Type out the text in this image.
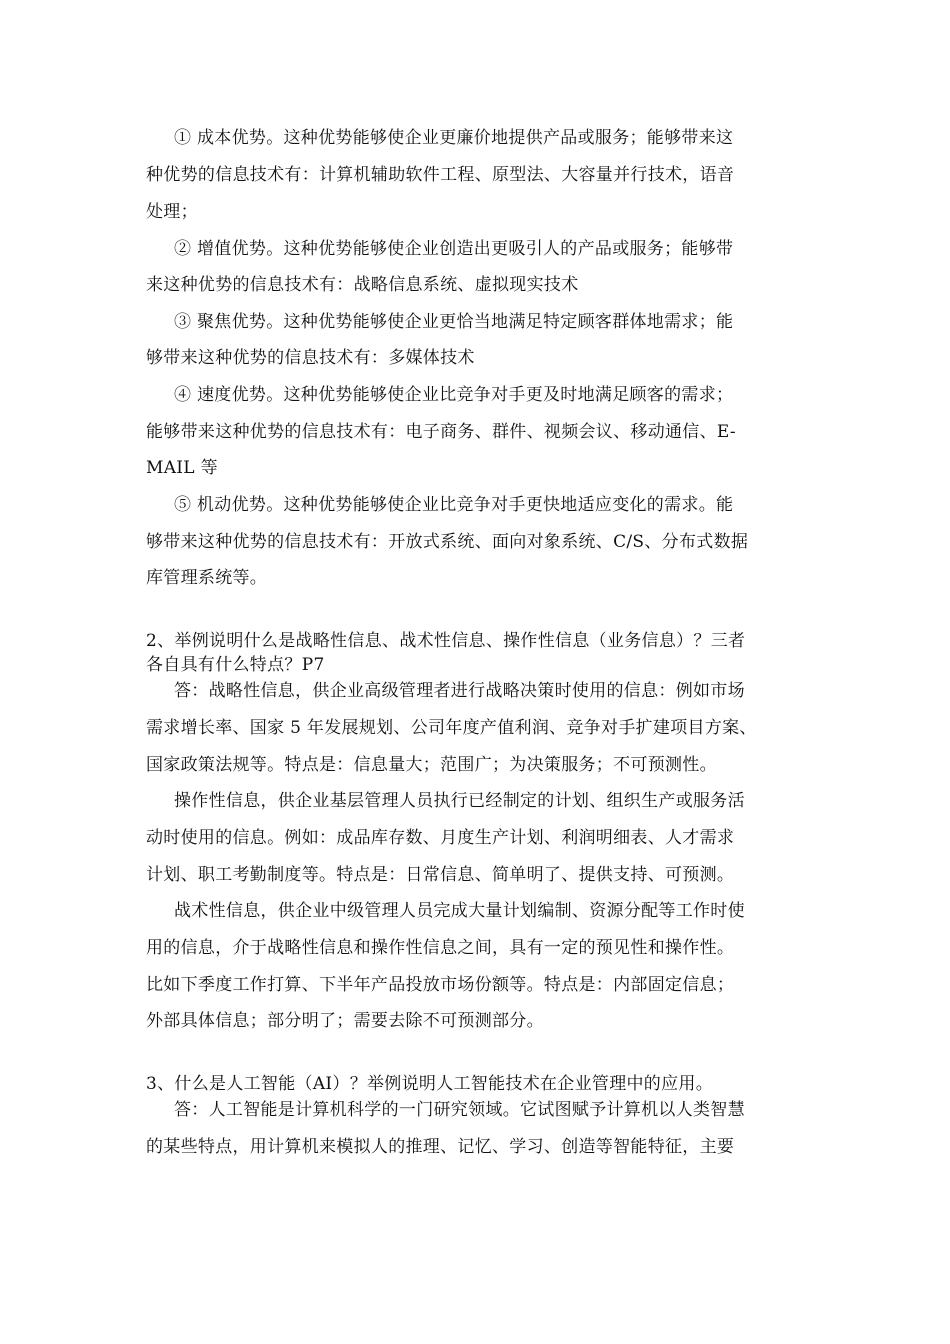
① 成本优势。这种优势能够使企业更廉价地提供产品或服务；能够带来这
种优势的信息技术有：计算机辅助软件工程、原型法、大容量并行技术，语音
处理；
② 增值优势。这种优势能够使企业创造出更吸引人的产品或服务；能够带
来这种优势的信息技术有：战略信息系统、虚拟现实技术
③ 聚焦优势。这种优势能够使企业更恰当地满足特定顾客群体地需求；能
够带来这种优势的信息技术有：多媒体技术
④ 速度优势。这种优势能够使企业比竞争对手更及时地满足顾客的需求；
能够带来这种优势的信息技术有：电子商务、群件、视频会议、移动通信、E-
MAIL 等
⑤ 机动优势。这种优势能够使企业比竞争对手更快地适应变化的需求。能
够带来这种优势的信息技术有：开放式系统、面向对象系统、C/S、分布式数据
库管理系统等。
2、举例说明什么是战略性信息、战术性信息、操作性信息（业务信息）？三者
各自具有什么特点？P7
答：战略性信息，供企业高级管理者进行战略决策时使用的信息：例如市场
需求增长率、国家 5 年发展规划、公司年度产值利润、竞争对手扩建项目方案、
国家政策法规等。特点是：信息量大；范围广；为决策服务；不可预测性。
操作性信息，供企业基层管理人员执行已经制定的计划、组织生产或服务活
动时使用的信息。例如：成品库存数、月度生产计划、利润明细表、人才需求
计划、职工考勤制度等。特点是：日常信息、简单明了、提供支持、可预测。
战术性信息，供企业中级管理人员完成大量计划编制、资源分配等工作时使
用的信息，介于战略性信息和操作性信息之间，具有一定的预见性和操作性。
比如下季度工作打算、下半年产品投放市场份额等。特点是：内部固定信息；
外部具体信息；部分明了；需要去除不可预测部分。
3、什么是人工智能（AI）？举例说明人工智能技术在企业管理中的应用。
答：人工智能是计算机科学的一门研究领域。它试图赋予计算机以人类智慧
的某些特点，用计算机来模拟人的推理、记忆、学习、创造等智能特征，主要
